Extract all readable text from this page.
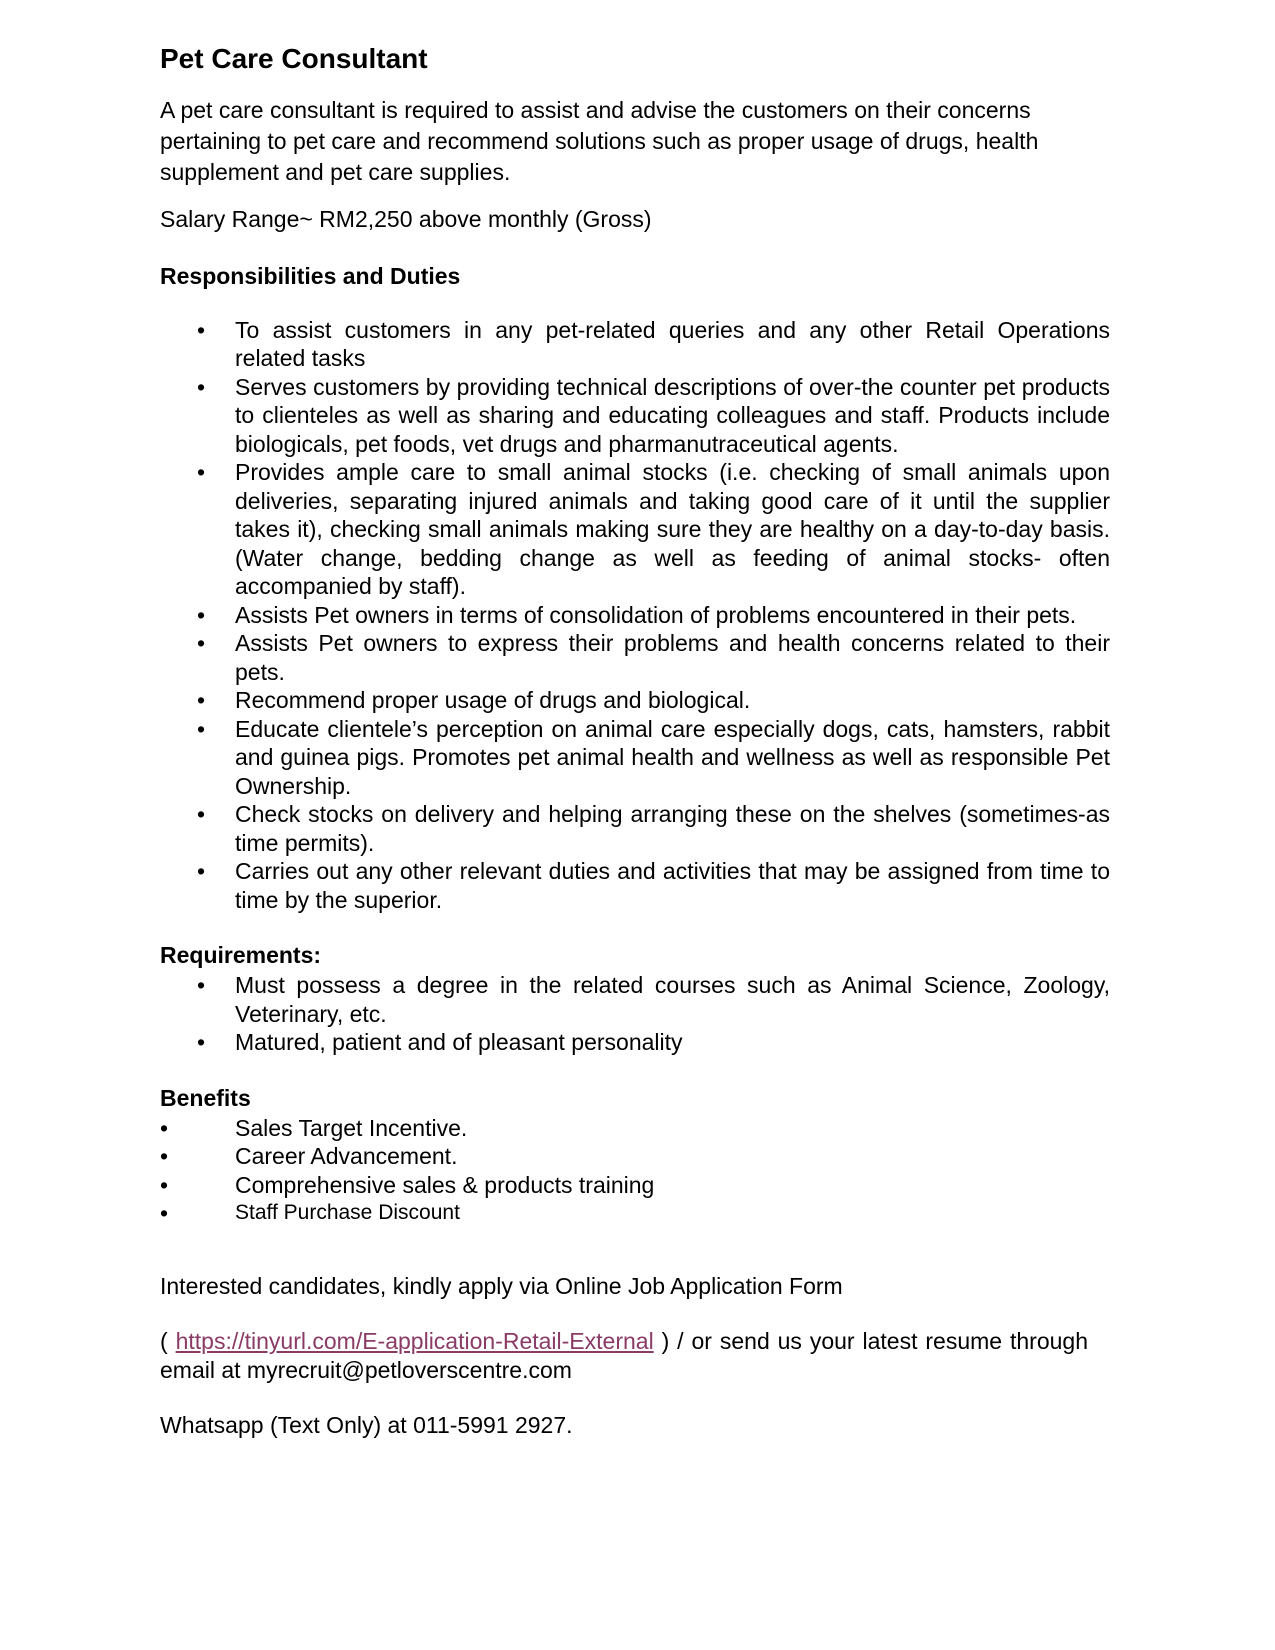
Pet Care Consultant

A pet care consultant is required to assist and advise the customers on their concerns pertaining to pet care and recommend solutions such as proper usage of drugs, health supplement and pet care supplies.

Salary Range~ RM2,250 above monthly (Gross)

Responsibilities and Duties
• To assist customers in any pet-related queries and any other Retail Operations related tasks
• Serves customers by providing technical descriptions of over-the counter pet products to clienteles as well as sharing and educating colleagues and staff. Products include biologicals, pet foods, vet drugs and pharmanutraceutical agents.
• Provides ample care to small animal stocks (i.e. checking of small animals upon deliveries, separating injured animals and taking good care of it until the supplier takes it), checking small animals making sure they are healthy on a day-to-day basis. (Water change, bedding change as well as feeding of animal stocks- often accompanied by staff).
• Assists Pet owners in terms of consolidation of problems encountered in their pets.
• Assists Pet owners to express their problems and health concerns related to their pets.
• Recommend proper usage of drugs and biological.
• Educate clientele’s perception on animal care especially dogs, cats, hamsters, rabbit and guinea pigs. Promotes pet animal health and wellness as well as responsible Pet Ownership.
• Check stocks on delivery and helping arranging these on the shelves (sometimes-as time permits).
• Carries out any other relevant duties and activities that may be assigned from time to time by the superior.
Requirements:
• Must possess a degree in the related courses such as Animal Science, Zoology, Veterinary, etc.
• Matured, patient and of pleasant personality
Benefits
•	Sales Target Incentive.
•	Career Advancement.
•	Comprehensive sales & products training
•	Staff Purchase Discount

Interested candidates, kindly apply via Online Job Application Form

( https://tinyurl.com/E-application-Retail-External ) / or send us your latest resume through email at myrecruit@petloverscentre.com

Whatsapp (Text Only) at 011-5991 2927.
